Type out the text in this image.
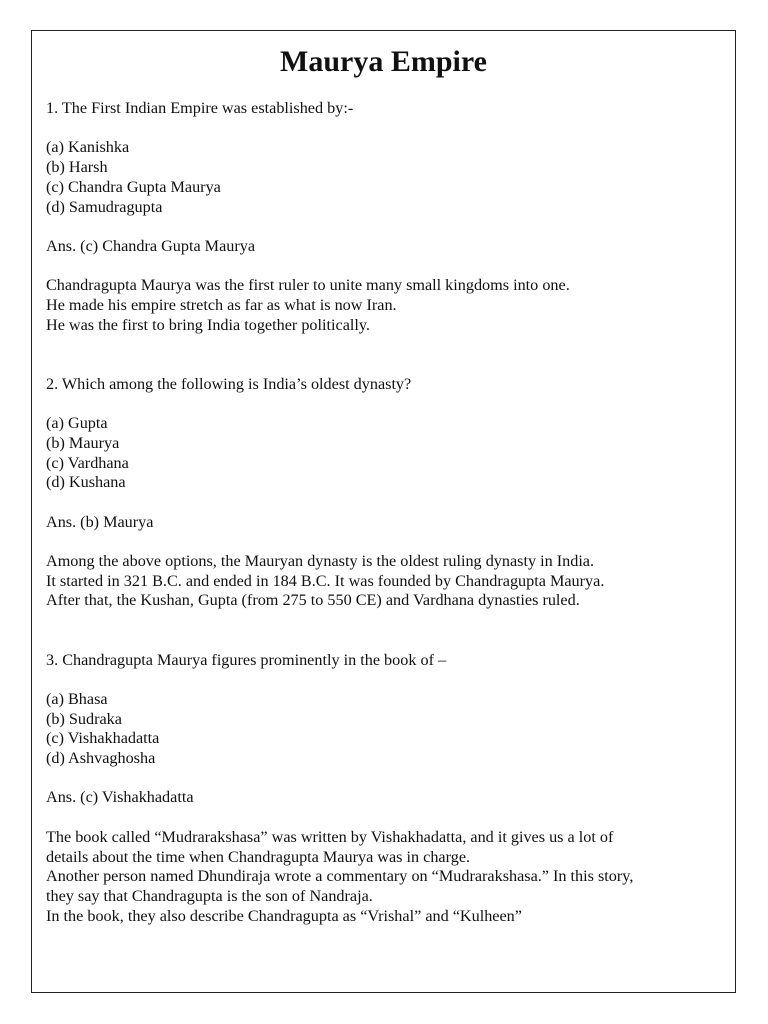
Maurya Empire
1. The First Indian Empire was established by:-
(a) Kanishka
(b) Harsh
(c) Chandra Gupta Maurya
(d) Samudragupta
Ans. (c) Chandra Gupta Maurya
Chandragupta Maurya was the first ruler to unite many small kingdoms into one.
He made his empire stretch as far as what is now Iran.
He was the first to bring India together politically.
2. Which among the following is India’s oldest dynasty?
(a) Gupta
(b) Maurya
(c) Vardhana
(d) Kushana
Ans. (b) Maurya
Among the above options, the Mauryan dynasty is the oldest ruling dynasty in India.
It started in 321 B.C. and ended in 184 B.C. It was founded by Chandragupta Maurya.
After that, the Kushan, Gupta (from 275 to 550 CE) and Vardhana dynasties ruled.
3. Chandragupta Maurya figures prominently in the book of –
(a) Bhasa
(b) Sudraka
(c) Vishakhadatta
(d) Ashvaghosha
Ans. (c) Vishakhadatta
The book called “Mudrarakshasa” was written by Vishakhadatta, and it gives us a lot of
details about the time when Chandragupta Maurya was in charge.
Another person named Dhundiraja wrote a commentary on “Mudrarakshasa.” In this story,
they say that Chandragupta is the son of Nandraja.
In the book, they also describe Chandragupta as “Vrishal” and “Kulheen”
